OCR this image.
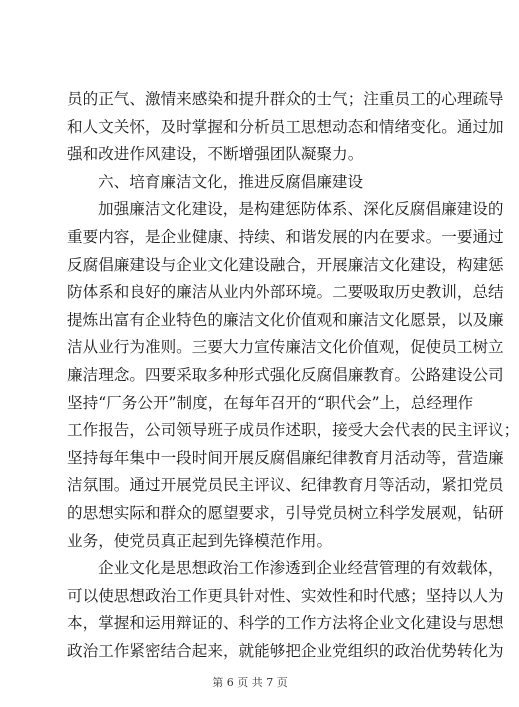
员的正气、激情来感染和提升群众的士气；注重员工的心理疏导
和人文关怀，及时掌握和分析员工思想动态和情绪变化。通过加
强和改进作风建设，不断增强团队凝聚力。
六、培育廉洁文化，推进反腐倡廉建设
加强廉洁文化建设，是构建惩防体系、深化反腐倡廉建设的
重要内容，是企业健康、持续、和谐发展的内在要求。一要通过
反腐倡廉建设与企业文化建设融合，开展廉洁文化建设，构建惩
防体系和良好的廉洁从业内外部环境。二要吸取历史教训，总结
提炼出富有企业特色的廉洁文化价值观和廉洁文化愿景，以及廉
洁从业行为准则。三要大力宣传廉洁文化价值观，促使员工树立
廉洁理念。四要采取多种形式强化反腐倡廉教育。公路建设公司
坚持“厂务公开”制度，在每年召开的“职代会”上，总经理作
工作报告，公司领导班子成员作述职，接受大会代表的民主评议；
坚持每年集中一段时间开展反腐倡廉纪律教育月活动等，营造廉
洁氛围。通过开展党员民主评议、纪律教育月等活动，紧扣党员
的思想实际和群众的愿望要求，引导党员树立科学发展观，钻研
业务，使党员真正起到先锋模范作用。
企业文化是思想政治工作渗透到企业经营管理的有效载体，
可以使思想政治工作更具针对性、实效性和时代感；坚持以人为
本，掌握和运用辩证的、科学的工作方法将企业文化建设与思想
政治工作紧密结合起来，就能够把企业党组织的政治优势转化为
第 6 页 共 7 页
